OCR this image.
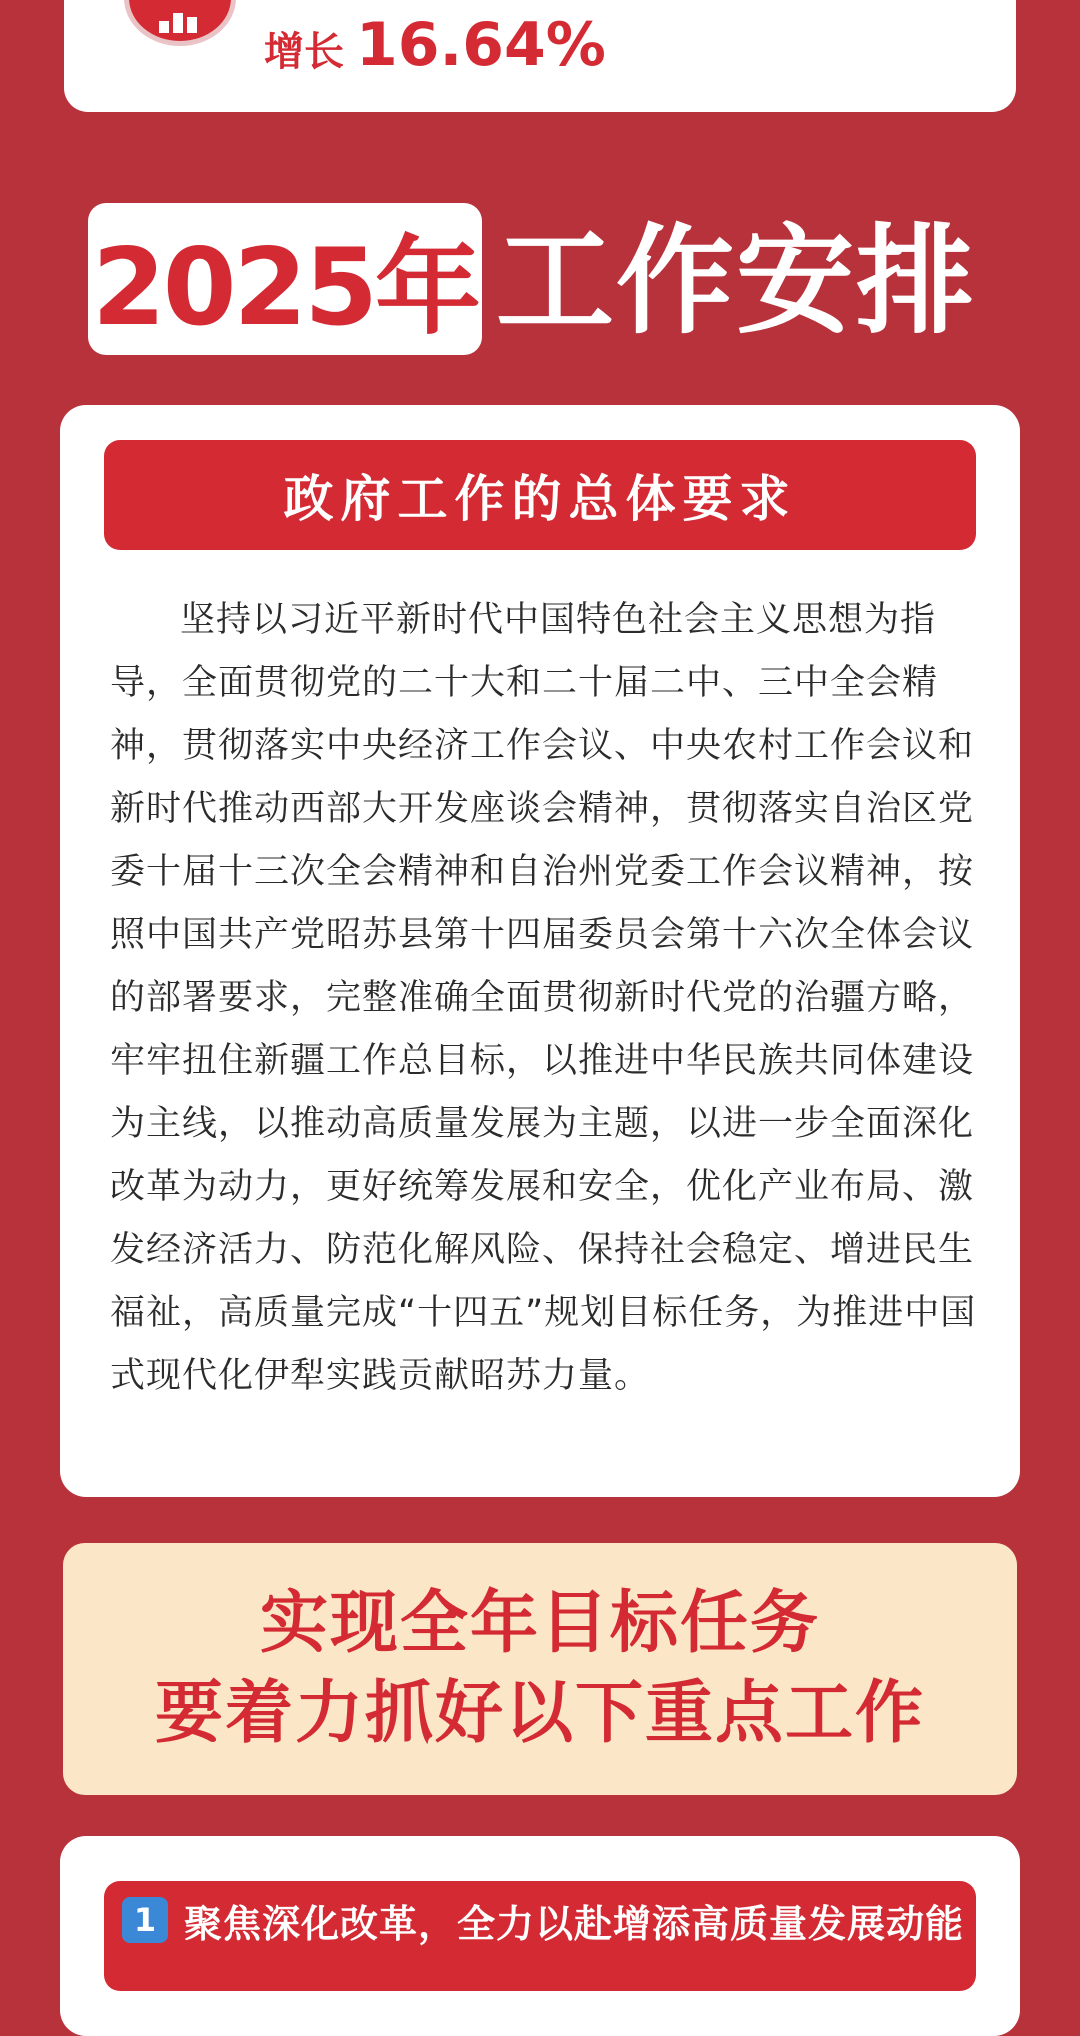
增长 16.64%
2025年 工作安排
政府工作的总体要求

坚持以习近平新时代中国特色社会主义思想为指导，全面贯彻党的二十大和二十届二中、三中全会精神，贯彻落实中央经济工作会议、中央农村工作会议和新时代推动西部大开发座谈会精神，贯彻落实自治区党委十届十三次全会精神和自治州党委工作会议精神，按照中国共产党昭苏县第十四届委员会第十六次全体会议的部署要求，完整准确全面贯彻新时代党的治疆方略，牢牢扭住新疆工作总目标，以推进中华民族共同体建设为主线，以推动高质量发展为主题，以进一步全面深化改革为动力，更好统筹发展和安全，优化产业布局、激发经济活力、防范化解风险、保持社会稳定、增进民生福祉，高质量完成“十四五”规划目标任务，为推进中国式现代化伊犁实践贡献昭苏力量。

实现全年目标任务
要着力抓好以下重点工作
1 聚焦深化改革，全力以赴增添高质量发展动能
